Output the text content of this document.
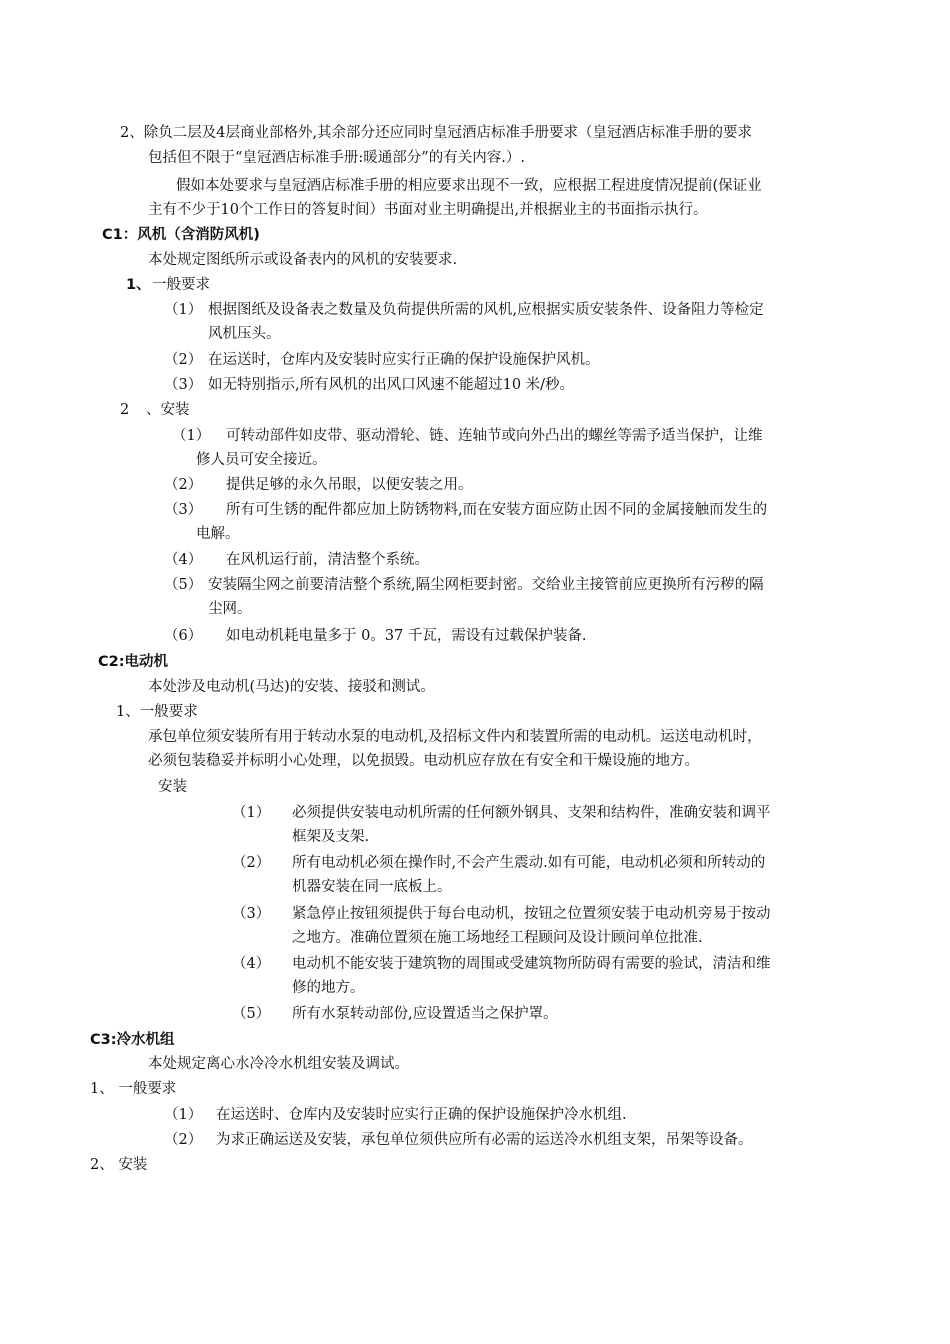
2、除负二层及4层商业部格外,其余部分还应同时皇冠酒店标准手册要求（皇冠酒店标准手册的要求
包括但不限于“皇冠酒店标准手册:暖通部分”的有关内容.）.
假如本处要求与皇冠酒店标准手册的相应要求出现不一致，应根据工程进度情况提前(保证业
主有不少于10个工作日的答复时间）书面对业主明确提出,并根据业主的书面指示执行。
C1：风机（含消防风机)
本处规定图纸所示或设备表内的风机的安装要求.
1、 一般要求
（1） 根据图纸及设备表之数量及负荷提供所需的风机,应根据实质安装条件、设备阻力等检定
风机压头。
（2） 在运送时，仓库内及安装时应实行正确的保护设施保护风机。
（3） 如无特别指示,所有风机的出风口风速不能超过10 米/秒。
2 、安装
（1） 可转动部件如皮带、驱动滑轮、链、连轴节或向外凸出的螺丝等需予适当保护，让维
修人员可安全接近。
（2） 提供足够的永久吊眼，以便安装之用。
（3） 所有可生锈的配件都应加上防锈物料,而在安装方面应防止因不同的金属接触而发生的
电解。
（4） 在风机运行前，清洁整个系统。
（5） 安装隔尘网之前要清洁整个系统,隔尘网柜要封密。交给业主接管前应更换所有污秽的隔
尘网。
（6） 如电动机耗电量多于 0。37 千瓦，需设有过载保护装备.
C2:电动机
本处涉及电动机(马达)的安装、接驳和测试。
1、一般要求
承包单位须安装所有用于转动水泵的电动机,及招标文件内和装置所需的电动机。运送电动机时，
必须包装稳妥并标明小心处理，以免损毁。电动机应存放在有安全和干燥设施的地方。
安装
（1） 必须提供安装电动机所需的任何额外钢具、支架和结构件，准确安装和调平
框架及支架.
（2） 所有电动机必须在操作时,不会产生震动.如有可能，电动机必须和所转动的
机器安装在同一底板上。
（3） 紧急停止按钮须提供于每台电动机，按钮之位置须安装于电动机旁易于按动
之地方。准确位置须在施工场地经工程顾问及设计顾问单位批准.
（4） 电动机不能安装于建筑物的周围或受建筑物所防碍有需要的验试，清洁和维
修的地方。
（5） 所有水泵转动部份,应设置适当之保护罩。
C3:冷水机组
本处规定离心水冷冷水机组安装及调试。
1、 一般要求
（1） 在运送时、仓库内及安装时应实行正确的保护设施保护冷水机组.
（2） 为求正确运送及安装，承包单位须供应所有必需的运送冷水机组支架，吊架等设备。
2、 安装
